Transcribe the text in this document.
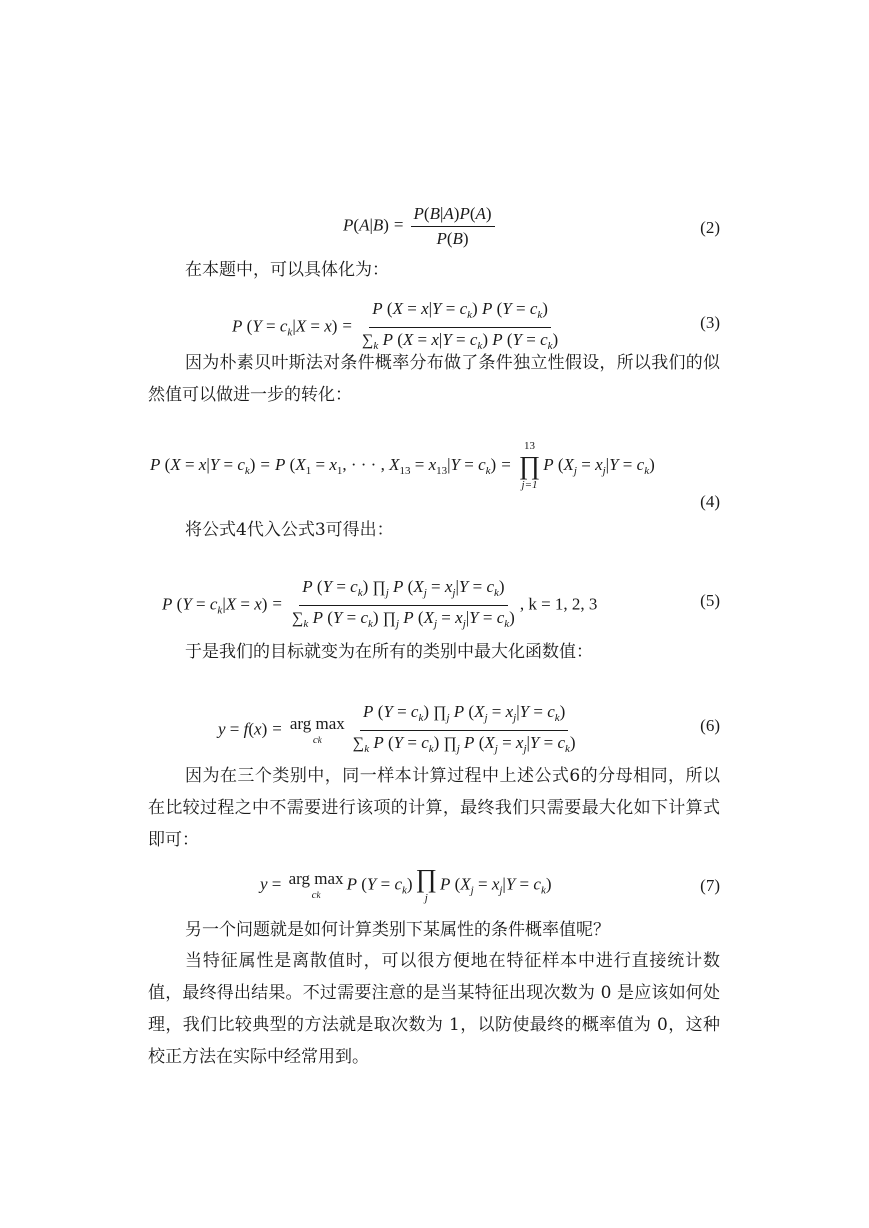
$P(A|B) = \frac{P(B|A)P(A)}{P(B)}$	(2)

在本题中，可以具体化为：

P $(Y = c_k|X = x) = \frac{P (X = x|Y = c_k) P (Y = c_k)}{\sum_k P (X = x|Y = c_k) P (Y = c_k)}$	(3)

因为朴素贝叶斯法对条件概率分布做了条件独立性假设，所以我们的似然值可以做进一步的转化：

P $(X = x|Y = c_k) = P$ ($X_1 = x_1$, · · · , $X_{13} = x_{13}|Y = c_k$) =
13
∏
j=1
P $(X_j = x_j|Y = c_k)$
(4)

将公式4代入公式3可得出：

P $(Y = c_k|X = x) = \frac{P (Y = c_k) \prod_j P (X_j = x_j|Y = c_k)}{\sum_k P (Y = c_k) \prod_j P (X_j = x_j|Y = c_k)}$ , k = 1, 2, 3	(5)

于是我们的目标就变为在所有的类别中最大化函数值：

y = f(x) = arg max
ck $\frac{P (Y = c_k) \prod_j P (X_j = x_j|Y = c_k)}{\sum_k P (Y = c_k) \prod_j P (X_j = x_j|Y = c_k)}$	(6)

因为在三个类别中，同一样本计算过程中上述公式6的分母相同，所以在比较过程之中不需要进行该项的计算，最终我们只需要最大化如下计算式即可：

y = arg max
ck
P $(Y = c_k)$ ∏
j
P $(X_j = x_j|Y = c_k)$	(7)

另一个问题就是如何计算类别下某属性的条件概率值呢？

当特征属性是离散值时，可以很方便地在特征样本中进行直接统计数值，最终得出结果。不过需要注意的是当某特征出现次数为 0 是应该如何处理，我们比较典型的方法就是取次数为 1，以防使最终的概率值为 0，这种校正方法在实际中经常用到。
